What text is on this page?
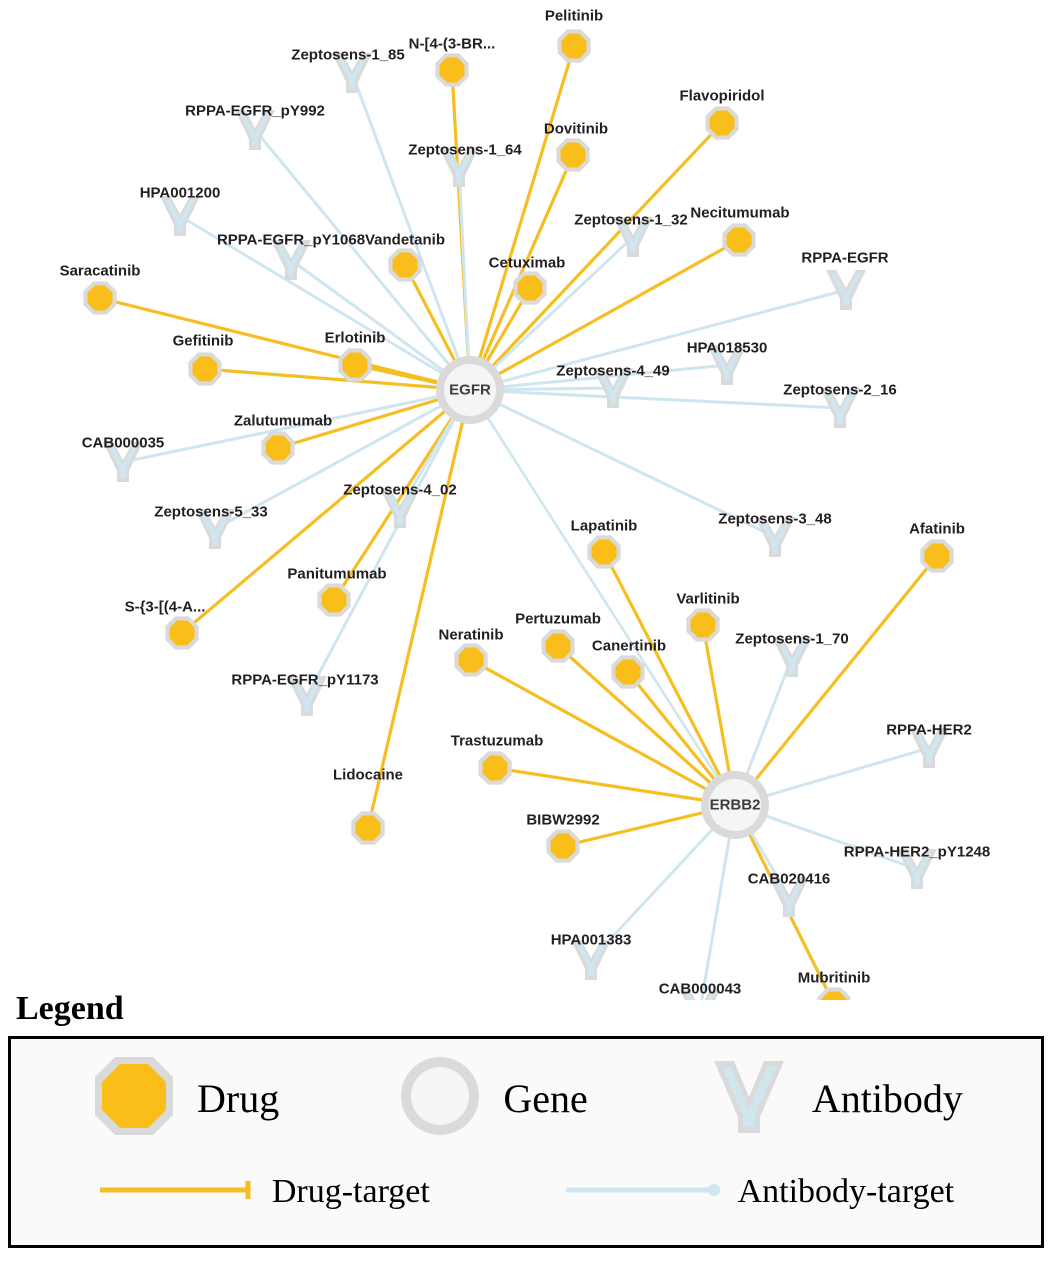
Pelitinib
N-[4-(3-BR...
Flavopiridol
Dovitinib
Necitumumab
Vandetanib
Cetuximab
Saracatinib
Gefitinib	Erlotinib
Zalutumumab
Panitumumab
S-{3-[(4-A...
Lidocaine
Lapatinib	Afatinib
Varlitinib
Pertuzumab
Neratinib
Canertinib
Trastuzumab
BIBW2992
Mubritinib
Zeptosens-1_85
RPPA-EGFR_pY992
Zeptosens-1_64
HPA001200
Zeptosens-1_32
RPPA-EGFR_pY1068
RPPA-EGFR
HPA018530
Zeptosens-4_49
Zeptosens-2_16
CAB000035
Zeptosens-4_02
Zeptosens-5_33	Zeptosens-3_48
RPPA-EGFR_pY1173
Zeptosens-1_70
RPPA-HER2
RPPA-HER2_pY1248
CAB020416
HPA001383
CAB000043
EGFR
ERBB2
Legend
Drug	Gene	Antibody
Drug-target	Antibody-target
